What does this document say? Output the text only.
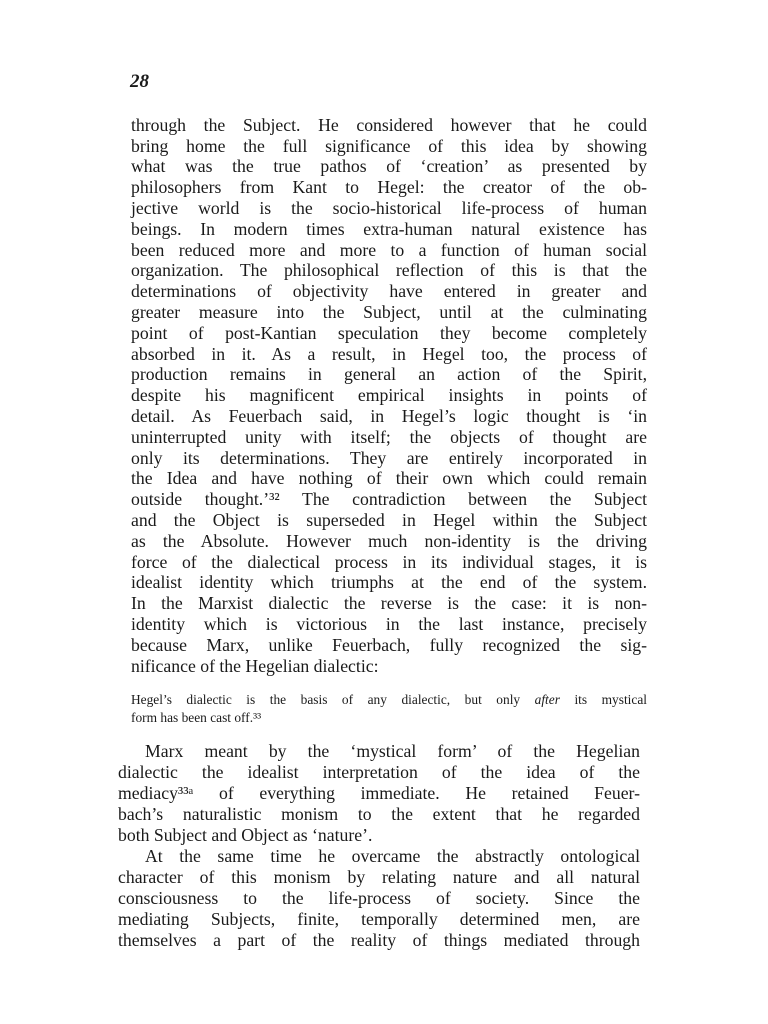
28
through the Subject. He considered however that he could
bring home the full significance of this idea by showing
what was the true pathos of ‘creation’ as presented by
philosophers from Kant to Hegel: the creator of the ob-
jective world is the socio-historical life-process of human
beings. In modern times extra-human natural existence has
been reduced more and more to a function of human social
organization. The philosophical reflection of this is that the
determinations of objectivity have entered in greater and
greater measure into the Subject, until at the culminating
point of post-Kantian speculation they become completely
absorbed in it. As a result, in Hegel too, the process of
production remains in general an action of the Spirit,
despite his magnificent empirical insights in points of
detail. As Feuerbach said, in Hegel’s logic thought is ‘in
uninterrupted unity with itself; the objects of thought are
only its determinations. They are entirely incorporated in
the Idea and have nothing of their own which could remain
outside thought.’³² The contradiction between the Subject
and the Object is superseded in Hegel within the Subject
as the Absolute. However much non-identity is the driving
force of the dialectical process in its individual stages, it is
idealist identity which triumphs at the end of the system.
In the Marxist dialectic the reverse is the case: it is non-
identity which is victorious in the last instance, precisely
because Marx, unlike Feuerbach, fully recognized the sig-
nificance of the Hegelian dialectic:
Hegel’s dialectic is the basis of any dialectic, but only after its mystical
form has been cast off.³³
Marx meant by the ‘mystical form’ of the Hegelian
dialectic the idealist interpretation of the idea of the
mediacy³³ᵃ of everything immediate. He retained Feuer-
bach’s naturalistic monism to the extent that he regarded
both Subject and Object as ‘nature’.
At the same time he overcame the abstractly ontological
character of this monism by relating nature and all natural
consciousness to the life-process of society. Since the
mediating Subjects, finite, temporally determined men, are
themselves a part of the reality of things mediated through
